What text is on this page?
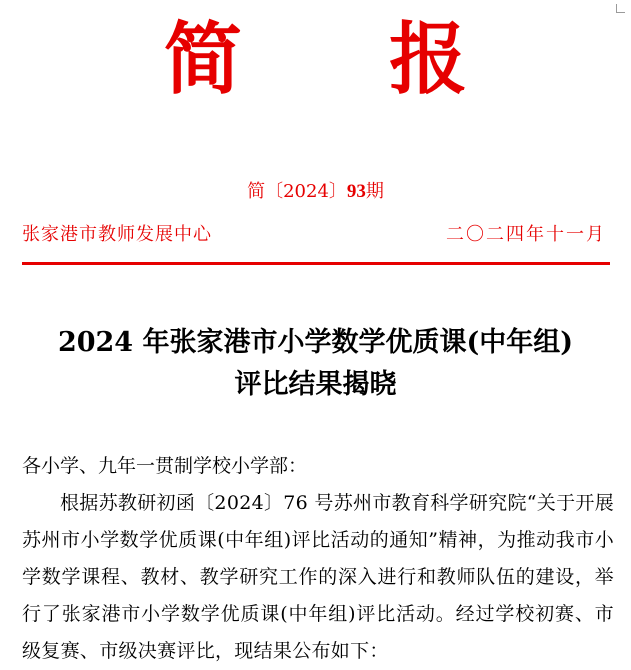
简 报
简〔2024〕93期
张家港市教师发展中心	二〇二四年十一月
2024 年张家港市小学数学优质课(中年组)
评比结果揭晓
各小学、九年一贯制学校小学部：
根据苏教研初函〔2024〕76 号苏州市教育科学研究院“关于开展苏州市小学数学优质课(中年组)评比活动的通知”精神，为推动我市小学数学课程、教材、教学研究工作的深入进行和教师队伍的建设，举行了张家港市小学数学优质课(中年组)评比活动。经过学校初赛、市级复赛、市级决赛评比，现结果公布如下：
